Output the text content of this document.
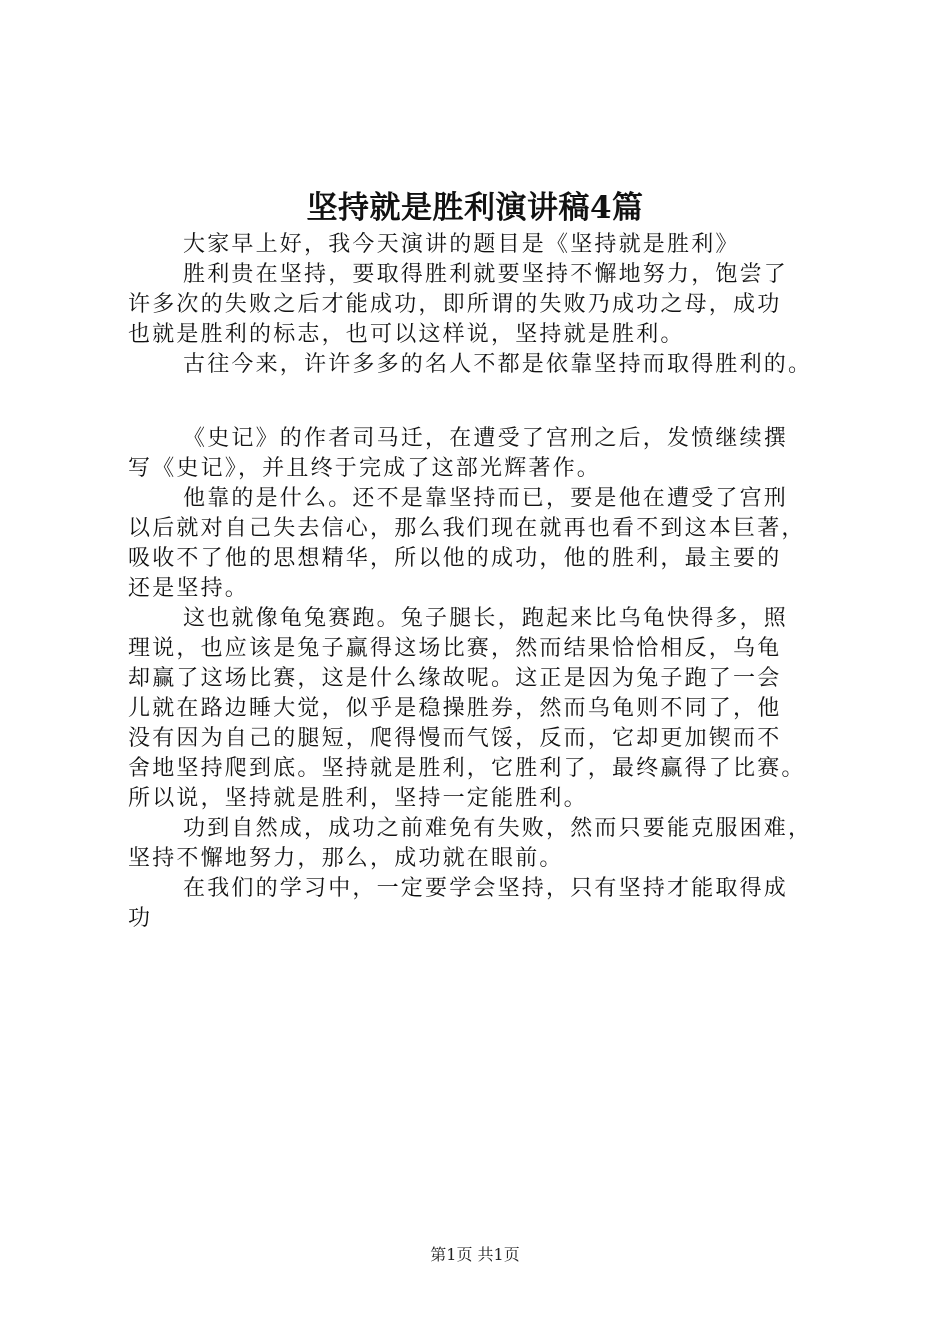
坚持就是胜利演讲稿4篇
大家早上好，我今天演讲的题目是《坚持就是胜利》
胜利贵在坚持，要取得胜利就要坚持不懈地努力，饱尝了
许多次的失败之后才能成功，即所谓的失败乃成功之母，成功
也就是胜利的标志，也可以这样说，坚持就是胜利。
古往今来，许许多多的名人不都是依靠坚持而取得胜利的。
《史记》的作者司马迁，在遭受了宫刑之后，发愤继续撰
写《史记》，并且终于完成了这部光辉著作。
他靠的是什么。还不是靠坚持而已，要是他在遭受了宫刑
以后就对自己失去信心，那么我们现在就再也看不到这本巨著，
吸收不了他的思想精华，所以他的成功，他的胜利，最主要的
还是坚持。
这也就像龟兔赛跑。兔子腿长，跑起来比乌龟快得多，照
理说，也应该是兔子赢得这场比赛，然而结果恰恰相反，乌龟
却赢了这场比赛，这是什么缘故呢。这正是因为兔子跑了一会
儿就在路边睡大觉，似乎是稳操胜券，然而乌龟则不同了，他
没有因为自己的腿短，爬得慢而气馁，反而，它却更加锲而不
舍地坚持爬到底。坚持就是胜利，它胜利了，最终赢得了比赛。
所以说，坚持就是胜利，坚持一定能胜利。
功到自然成，成功之前难免有失败，然而只要能克服困难，
坚持不懈地努力，那么，成功就在眼前。
在我们的学习中，一定要学会坚持，只有坚持才能取得成
功
第1页 共1页
